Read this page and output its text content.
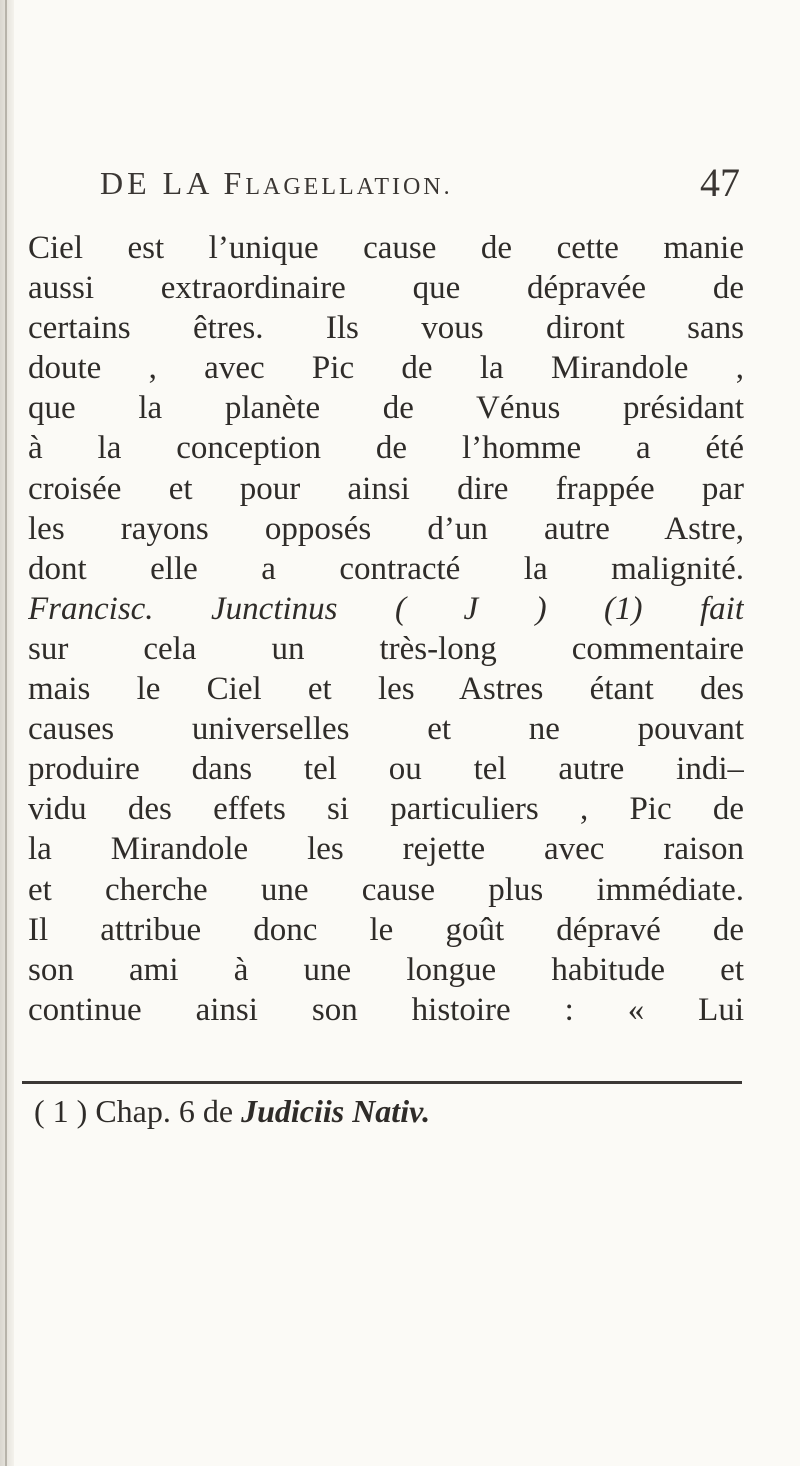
DE LA FLAGELLATION.	47
Ciel est l’unique cause de cette manie
aussi extraordinaire que dépravée de
certains êtres. Ils vous diront sans
doute , avec Pic de la Mirandole ,
que la planète de Vénus présidant
à la conception de l’homme a été
croisée et pour ainsi dire frappée par
les rayons opposés d’un autre Astre,
dont elle a contracté la malignité.
Francisc. Junctinus ( J ) (1) fait
sur cela un très-long commentaire
mais le Ciel et les Astres étant des
causes universelles et ne pouvant
produire dans tel ou tel autre indi–
vidu des effets si particuliers , Pic de
la Mirandole les rejette avec raison
et cherche une cause plus immédiate.
Il attribue donc le goût dépravé de
son ami à une longue habitude et
continue ainsi son histoire : « Lui
( 1 ) Chap. 6 de Judiciis Nativ.
